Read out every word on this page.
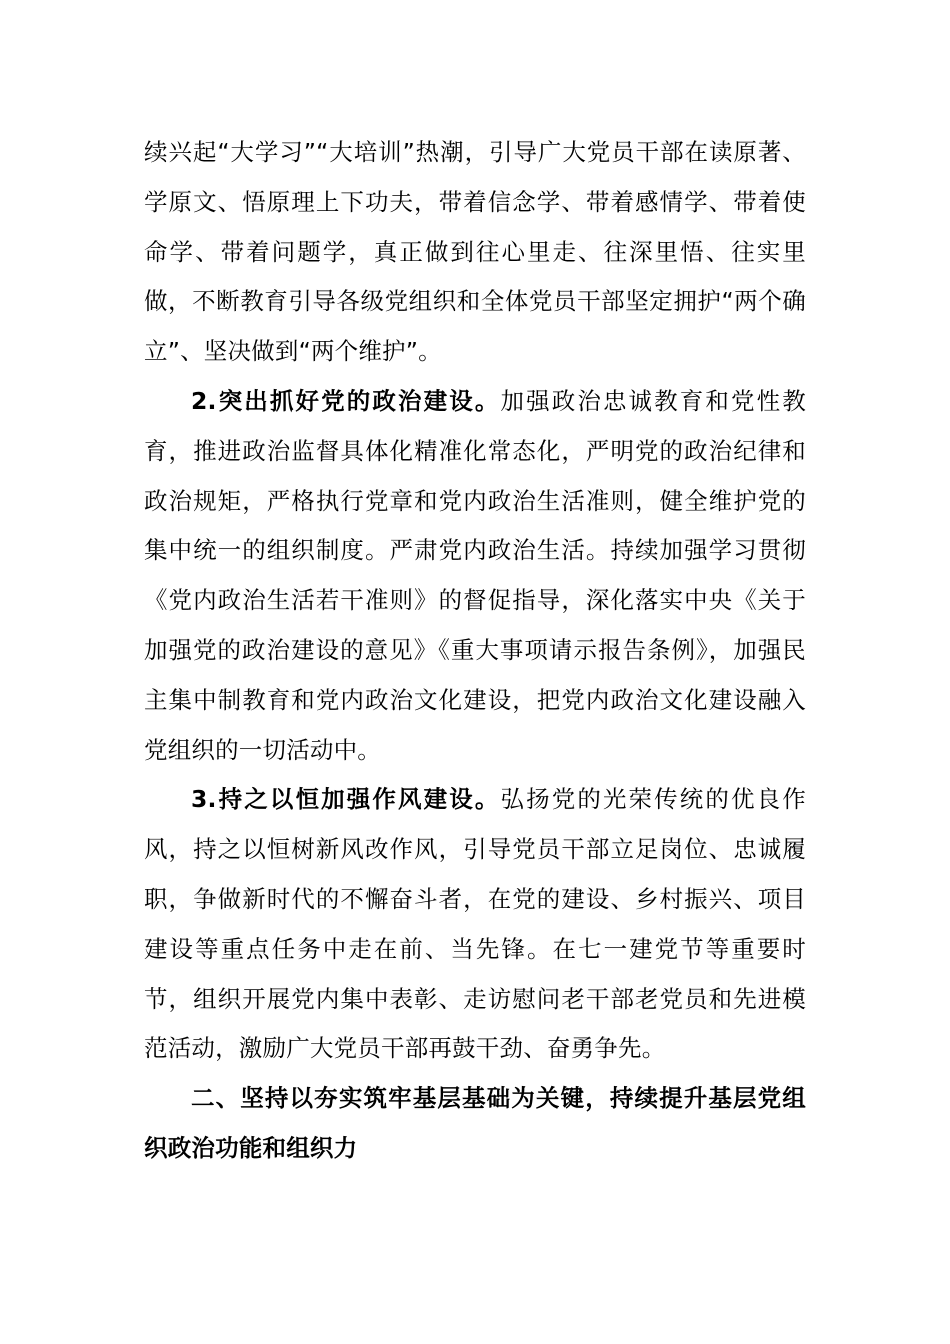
续兴起“大学习”“大培训”热潮，引导广大党员干部在读原著、学原文、悟原理上下功夫，带着信念学、带着感情学、带着使命学、带着问题学，真正做到往心里走、往深里悟、往实里做，不断教育引导各级党组织和全体党员干部坚定拥护“两个确立”、坚决做到“两个维护”。

2.突出抓好党的政治建设。加强政治忠诚教育和党性教育，推进政治监督具体化精准化常态化，严明党的政治纪律和政治规矩，严格执行党章和党内政治生活准则，健全维护党的集中统一的组织制度。严肃党内政治生活。持续加强学习贯彻《党内政治生活若干准则》的督促指导，深化落实中央《关于加强党的政治建设的意见》《重大事项请示报告条例》，加强民主集中制教育和党内政治文化建设，把党内政治文化建设融入党组织的一切活动中。

3.持之以恒加强作风建设。弘扬党的光荣传统的优良作风，持之以恒树新风改作风，引导党员干部立足岗位、忠诚履职，争做新时代的不懈奋斗者，在党的建设、乡村振兴、项目建设等重点任务中走在前、当先锋。在七一建党节等重要时节，组织开展党内集中表彰、走访慰问老干部老党员和先进模范活动，激励广大党员干部再鼓干劲、奋勇争先。

二、坚持以夯实筑牢基层基础为关键，持续提升基层党组织政治功能和组织力
